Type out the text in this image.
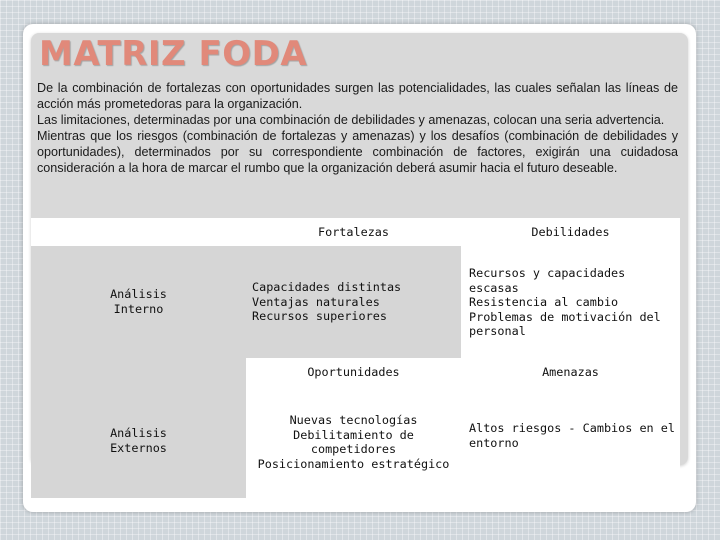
MATRIZ FODA

De la combinación de fortalezas con oportunidades surgen las potencialidades, las cuales señalan las líneas de acción más prometedoras para la organización.

Las limitaciones, determinadas por una combinación de debilidades y amenazas, colocan una seria advertencia.

Mientras que los riesgos (combinación de fortalezas y amenazas) y los desafíos (combinación de debilidades y oportunidades), determinados por su correspondiente combinación de factores, exigirán una cuidadosa consideración a la hora de marcar el rumbo que la organización deberá asumir hacia el futuro deseable.

Fortalezas	Debilidades
Oportunidades	Amenazas
Análisis
Interno
Análisis
Externos
Capacidades distintas
Ventajas naturales
Recursos superiores
Recursos y capacidades
escasas
Resistencia al cambio
Problemas de motivación del
personal
Nuevas tecnologías
Debilitamiento de
competidores
Posicionamiento estratégico
Altos riesgos - Cambios en el
entorno
